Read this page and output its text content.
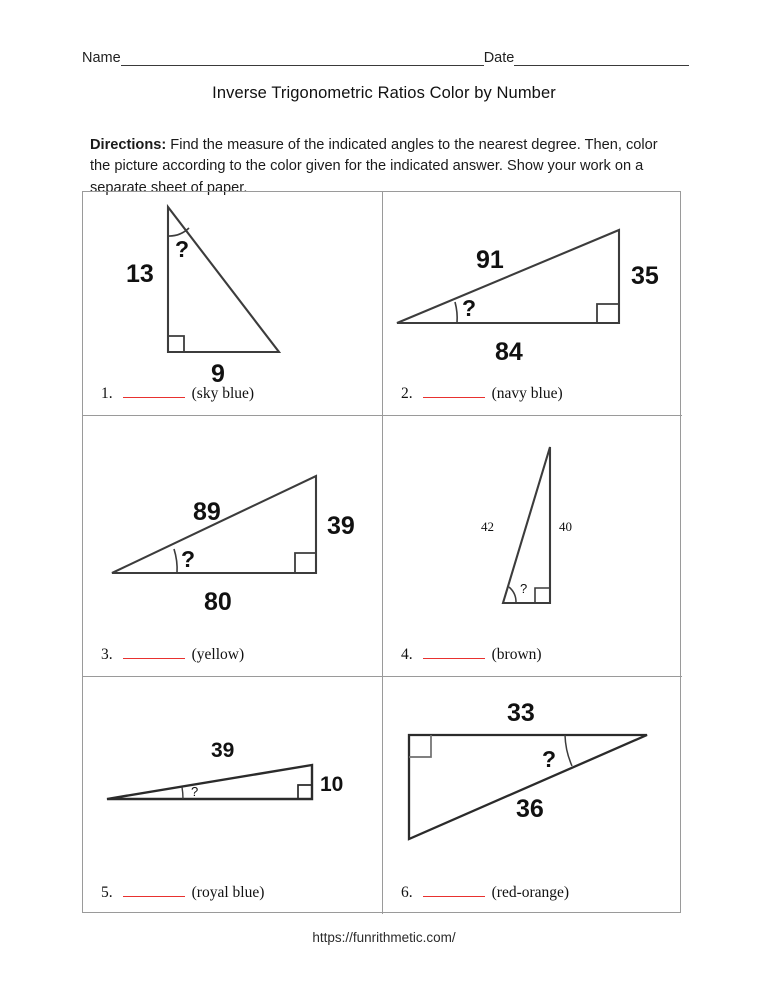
Name	Date
Inverse Trigonometric Ratios Color by Number

Directions: Find the measure of the indicated angles to the nearest degree. Then, color the picture according to the color given for the indicated answer. Show your work on a separate sheet of paper.

?
13
9
1.	(sky blue)
?
91
35
84
2.	(navy blue)
?
89	39
80
3.	(yellow)
?
42	40
4.	(brown)
?
39
10
5.	(royal blue)
?
33
36
6.	(red-orange)
https://funrithmetic.com/
